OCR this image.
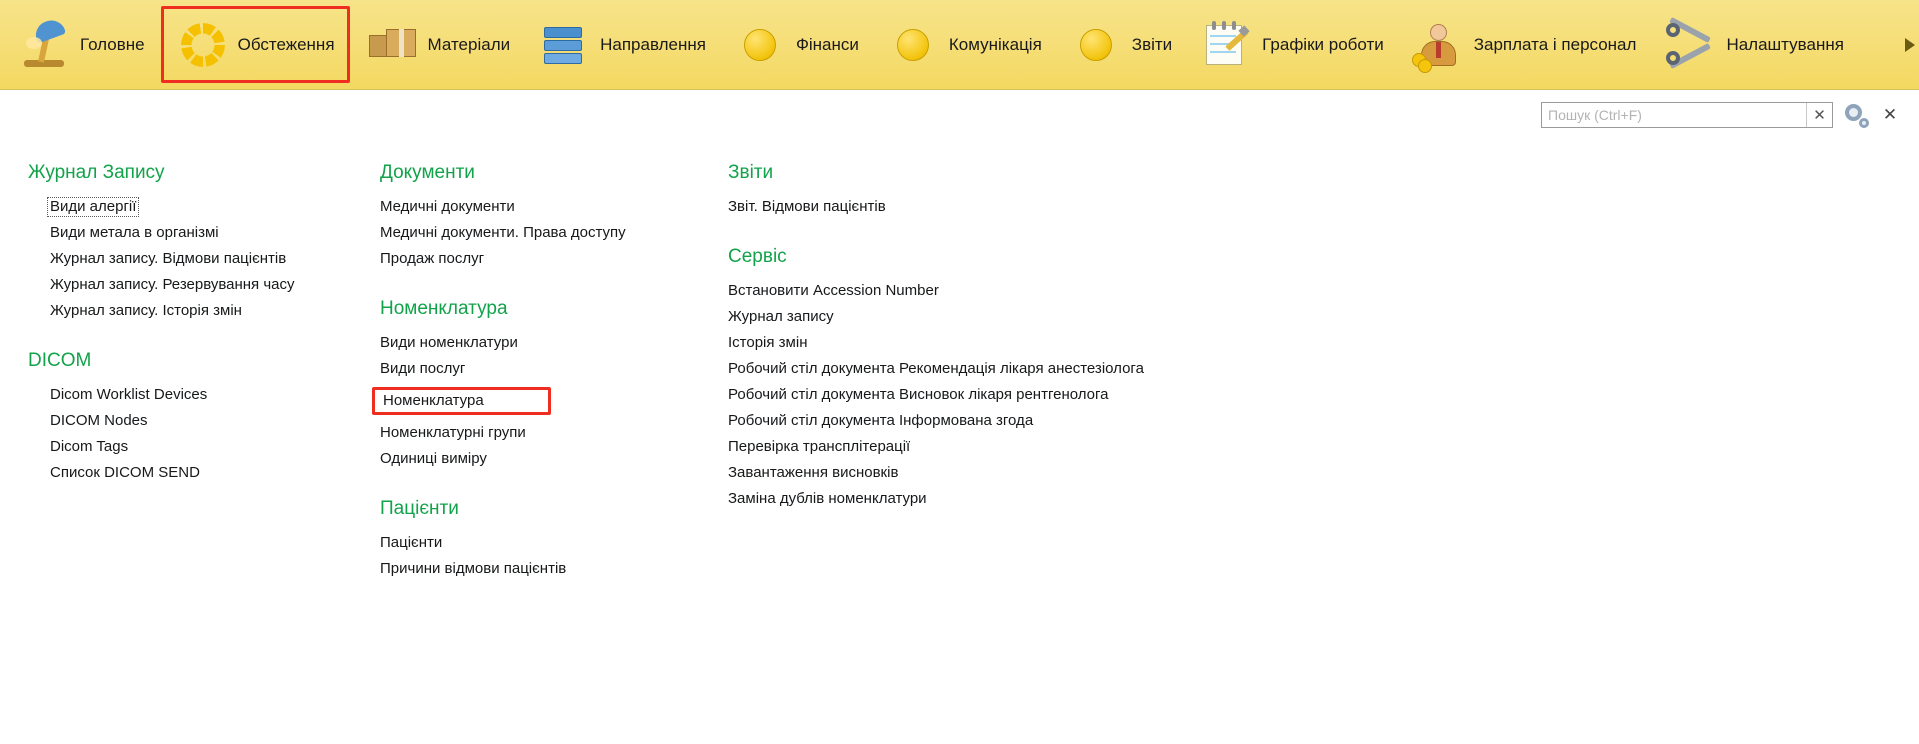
Головне	Обстеження	Матеріали	Направлення	Фінанси	Комунікація	Звіти	Графіки роботи	Зарплата і персонал	Налаштування
Пошук (Ctrl+F)
✕	✕
Журнал Запису
Види алергії
Види метала в організмі
Журнал запису. Відмови пацієнтів
Журнал запису. Резервування часу
Журнал запису. Історія змін
DICOM
Dicom Worklist Devices
DICOM Nodes
Dicom Tags
Список DICOM SEND
Документи
Медичні документи
Медичні документи. Права доступу
Продаж послуг
Номенклатура
Види номенклатури
Види послуг
Номенклатура
Номенклатурні групи
Одиниці виміру
Пацієнти
Пацієнти
Причини відмови пацієнтів
Звіти
Звіт. Відмови пацієнтів
Сервіс
Встановити Accession Number
Журнал запису
Історія змін
Робочий стіл документа Рекомендація лікаря анестезіолога
Робочий стіл документа Висновок лікаря рентгенолога
Робочий стіл документа Інформована згода
Перевірка трансплітерації
Завантаження висновків
Заміна дублів номенклатури
